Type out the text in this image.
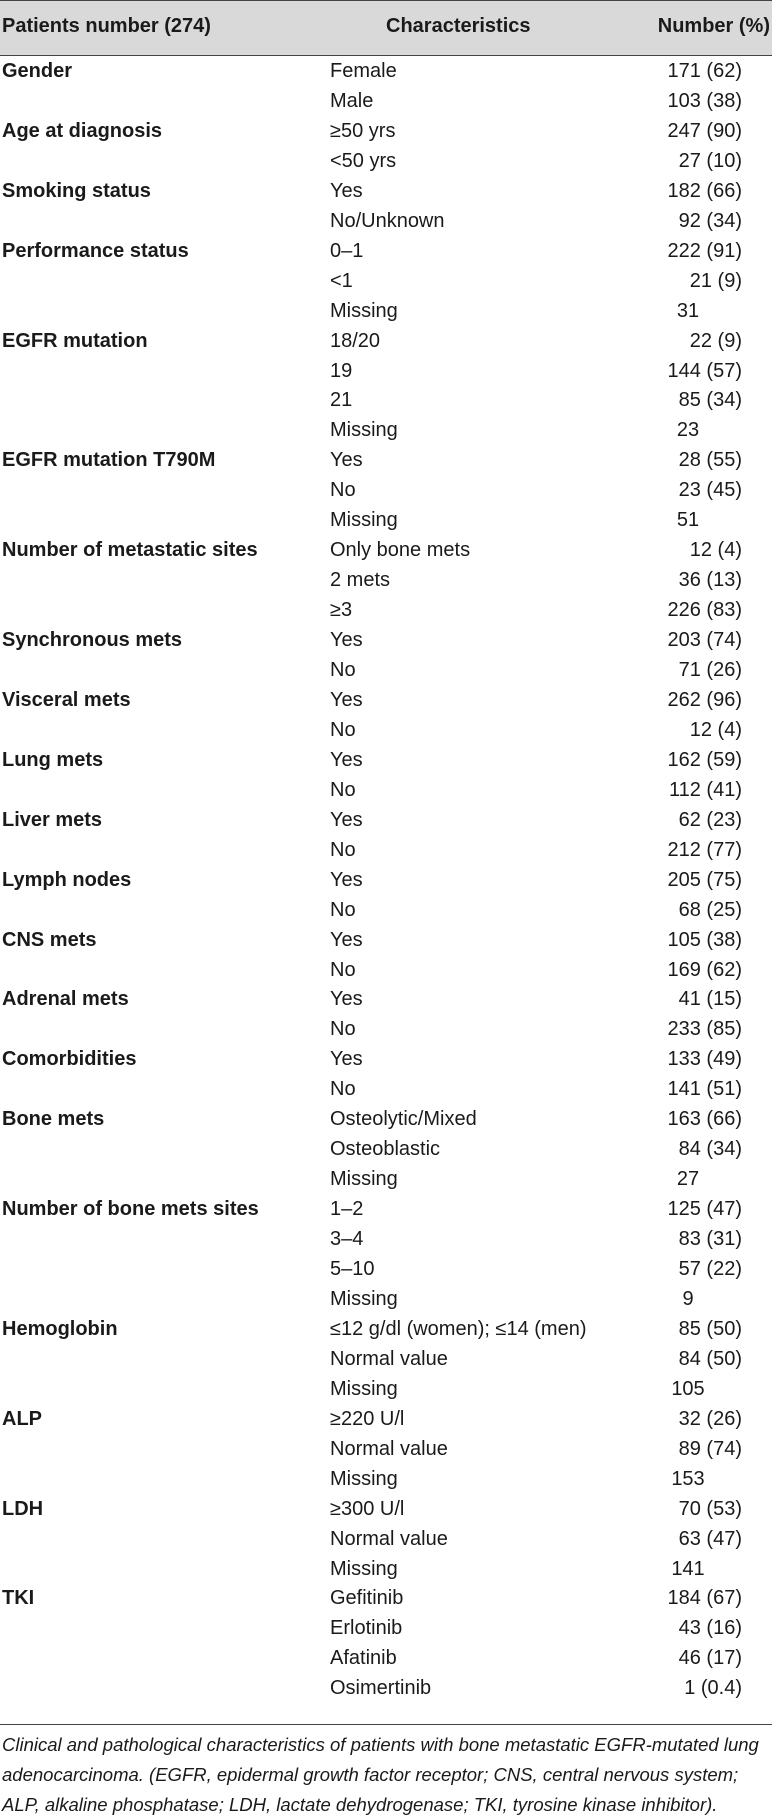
Patients number (274)	Characteristics	Number (%)
Gender	Female	171 (62)
Male	103 (38)
Age at diagnosis	≥50 yrs	247 (90)
<50 yrs	27 (10)
Smoking status	Yes	182 (66)
No/Unknown	92 (34)
Performance status	0–1	222 (91)
<1	21 (9)
Missing	31
EGFR mutation	18/20	22 (9)
19	144 (57)
21	85 (34)
Missing	23
EGFR mutation T790M	Yes	28 (55)
No	23 (45)
Missing	51
Number of metastatic sites	Only bone mets	12 (4)
2 mets	36 (13)
≥3	226 (83)
Synchronous mets	Yes	203 (74)
No	71 (26)
Visceral mets	Yes	262 (96)
No	12 (4)
Lung mets	Yes	162 (59)
No	112 (41)
Liver mets	Yes	62 (23)
No	212 (77)
Lymph nodes	Yes	205 (75)
No	68 (25)
CNS mets	Yes	105 (38)
No	169 (62)
Adrenal mets	Yes	41 (15)
No	233 (85)
Comorbidities	Yes	133 (49)
No	141 (51)
Bone mets	Osteolytic/Mixed	163 (66)
Osteoblastic	84 (34)
Missing	27
Number of bone mets sites	1–2	125 (47)
3–4	83 (31)
5–10	57 (22)
Missing	9
Hemoglobin	≤12 g/dl (women); ≤14 (men)	85 (50)
Normal value	84 (50)
Missing	105
ALP	≥220 U/l	32 (26)
Normal value	89 (74)
Missing	153
LDH	≥300 U/l	70 (53)
Normal value	63 (47)
Missing	141
TKI	Gefitinib	184 (67)
Erlotinib	43 (16)
Afatinib	46 (17)
Osimertinib	1 (0.4)
Clinical and pathological characteristics of patients with bone metastatic EGFR-mutated lung adenocarcinoma. (EGFR, epidermal growth factor receptor; CNS, central nervous system; ALP, alkaline phosphatase; LDH, lactate dehydrogenase; TKI, tyrosine kinase inhibitor).
